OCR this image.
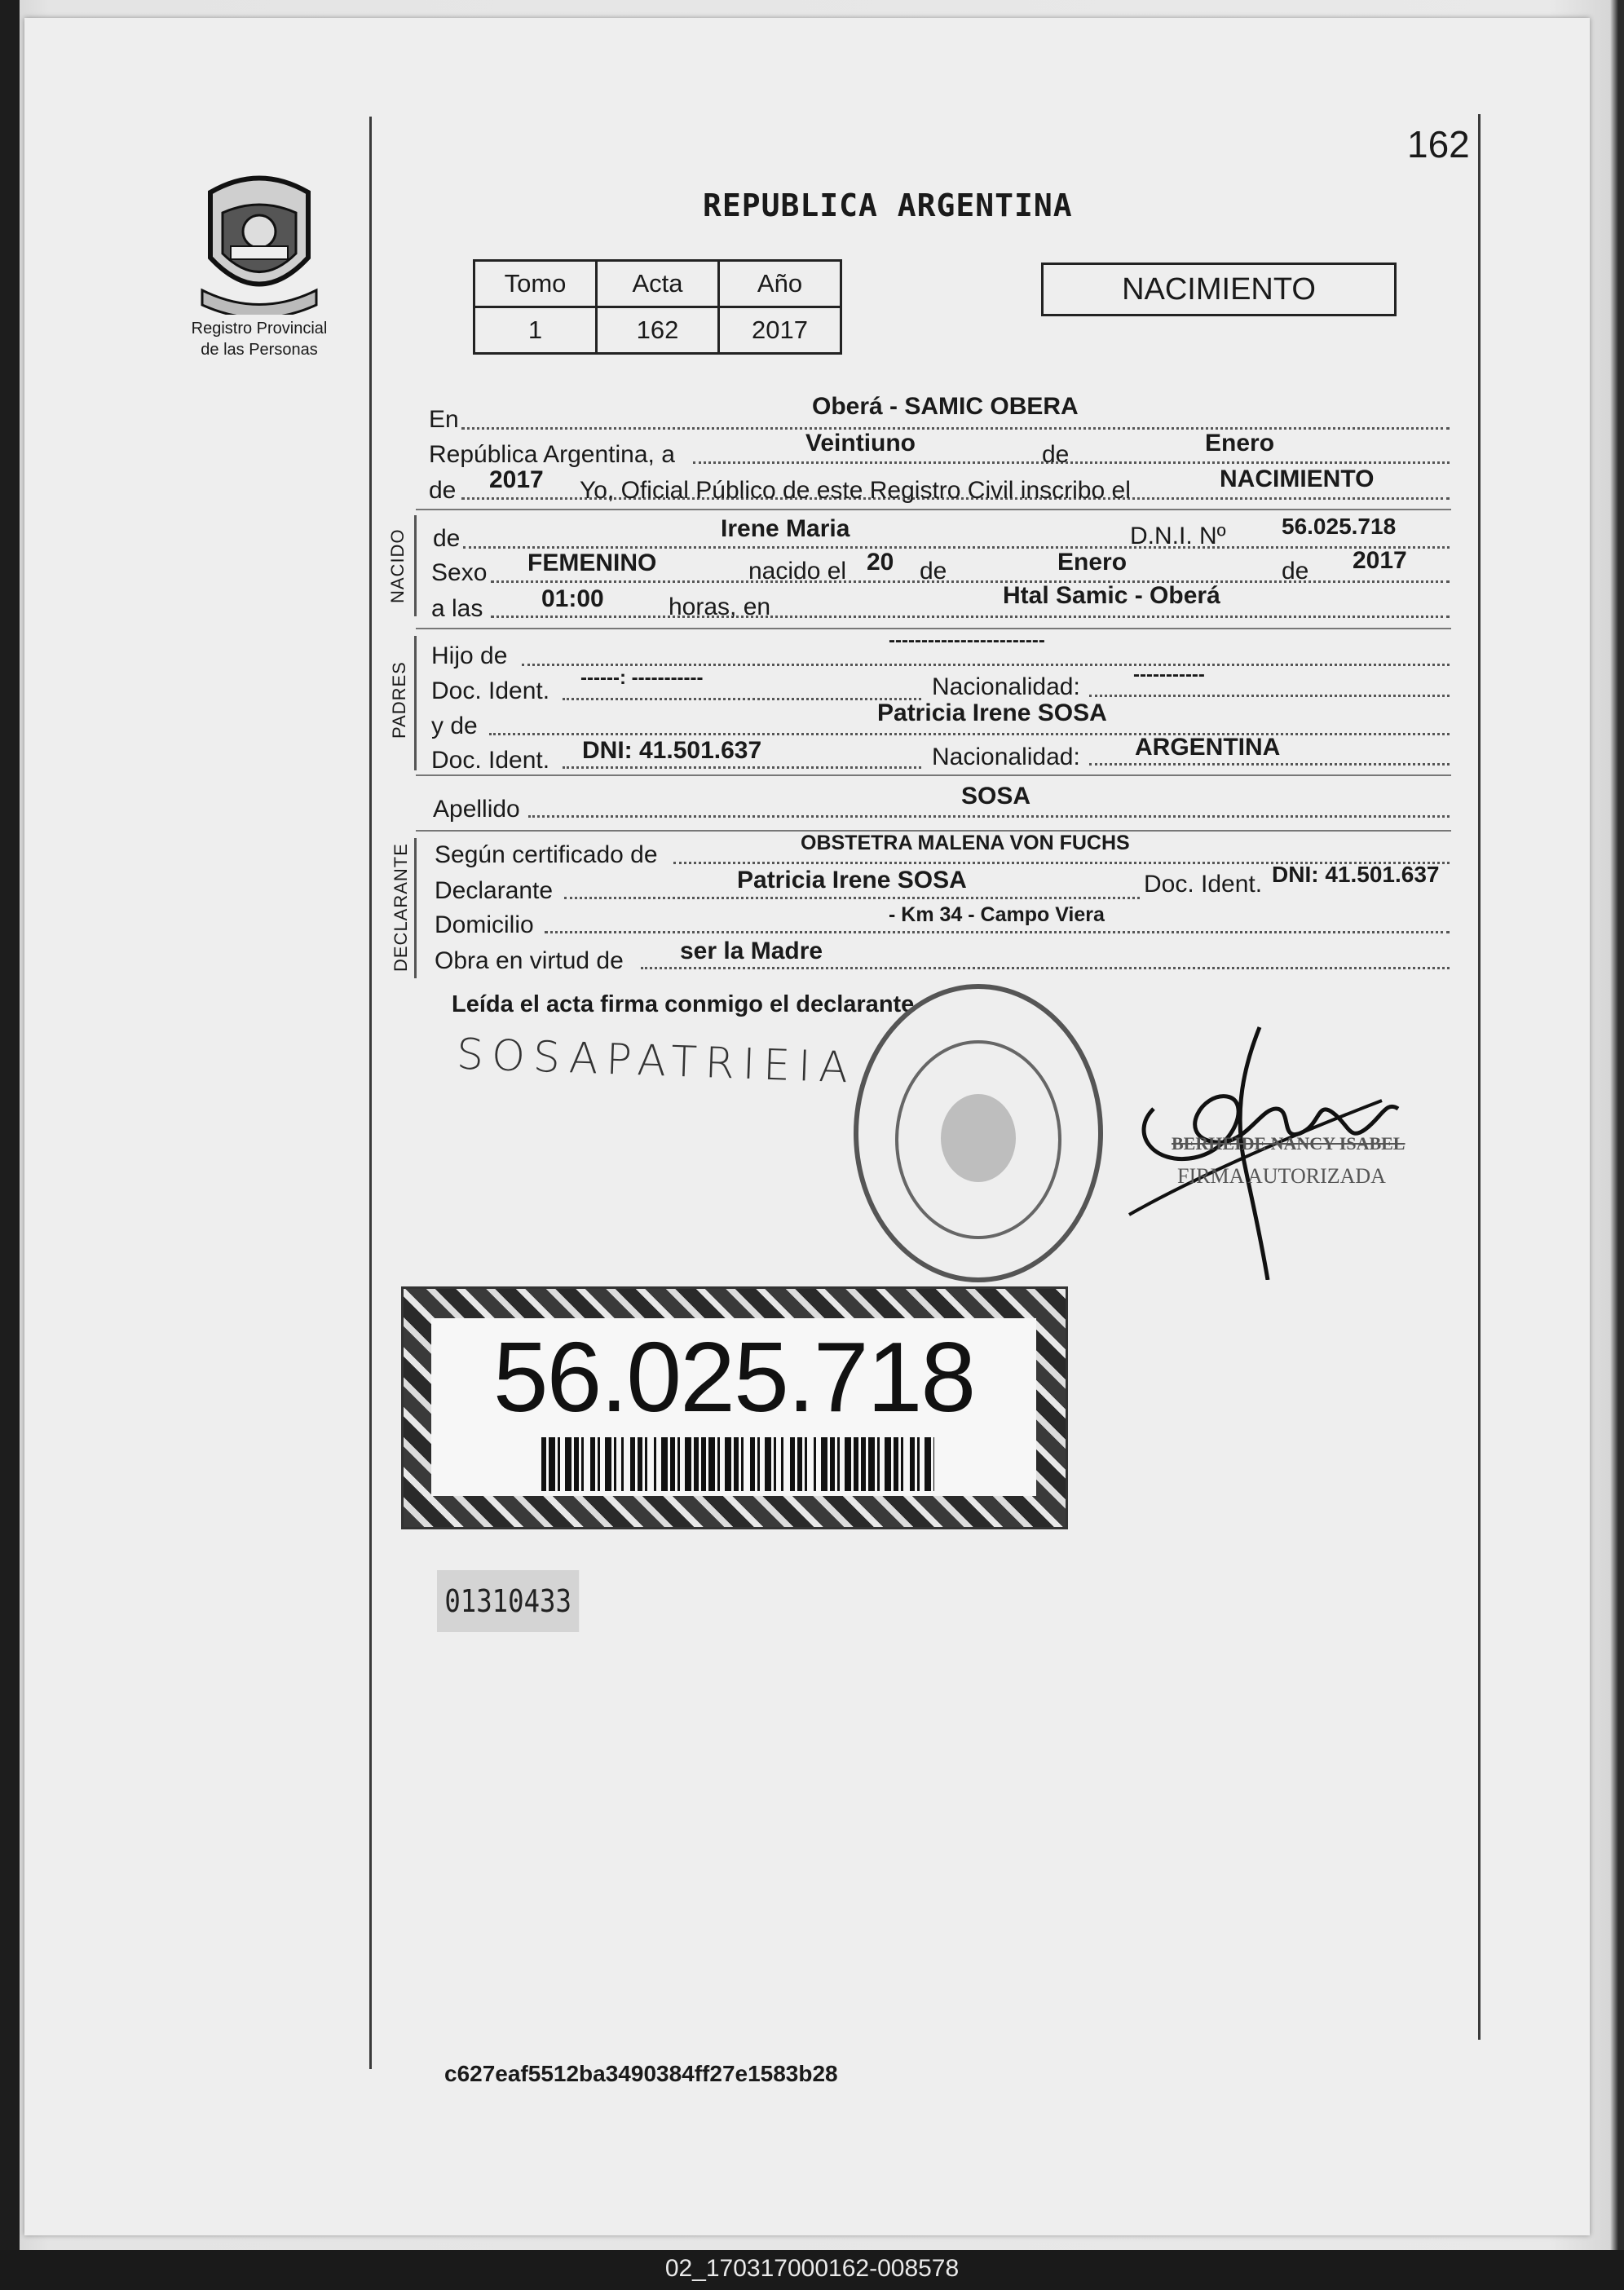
162
Registro Provincial
de las Personas
REPUBLICA ARGENTINA
Tomo	Acta	Año
1	162	2017
NACIMIENTO
En	Oberá - SAMIC OBERA
República Argentina, a	Veintiuno	de	Enero
de 2017 Yo, Oficial Público de este Registro Civil inscribo el	NACIMIENTO
NACIDO de	Irene Maria	D.N.I. Nº 56.025.718
Sexo FEMENINO	nacido el 20 de	Enero	de 2017
a las 01:00	horas, en	Htal Samic - Oberá
PADRES
Hijo de
------------------------
Doc. Ident. ------: -----------	Nacionalidad:	-----------
y de	Patricia Irene SOSA
Doc. Ident. DNI: 41.501.637	Nacionalidad: ARGENTINA
Apellido	SOSA
DECLARANTE Según certificado de	OBSTETRA MALENA VON FUCHS
Declarante	Patricia Irene SOSA	Doc. Ident. DNI: 41.501.637
Domicilio	- Km 34 - Campo Viera
Obra en virtud de ser la Madre
Leída el acta firma conmigo el declarante
SOSAPATRIEIA
BERHEIDE NANCY ISABEL
FIRMA AUTORIZADA
56.025.718
01310433
c627eaf5512ba3490384ff27e1583b28
02_170317000162-008578
